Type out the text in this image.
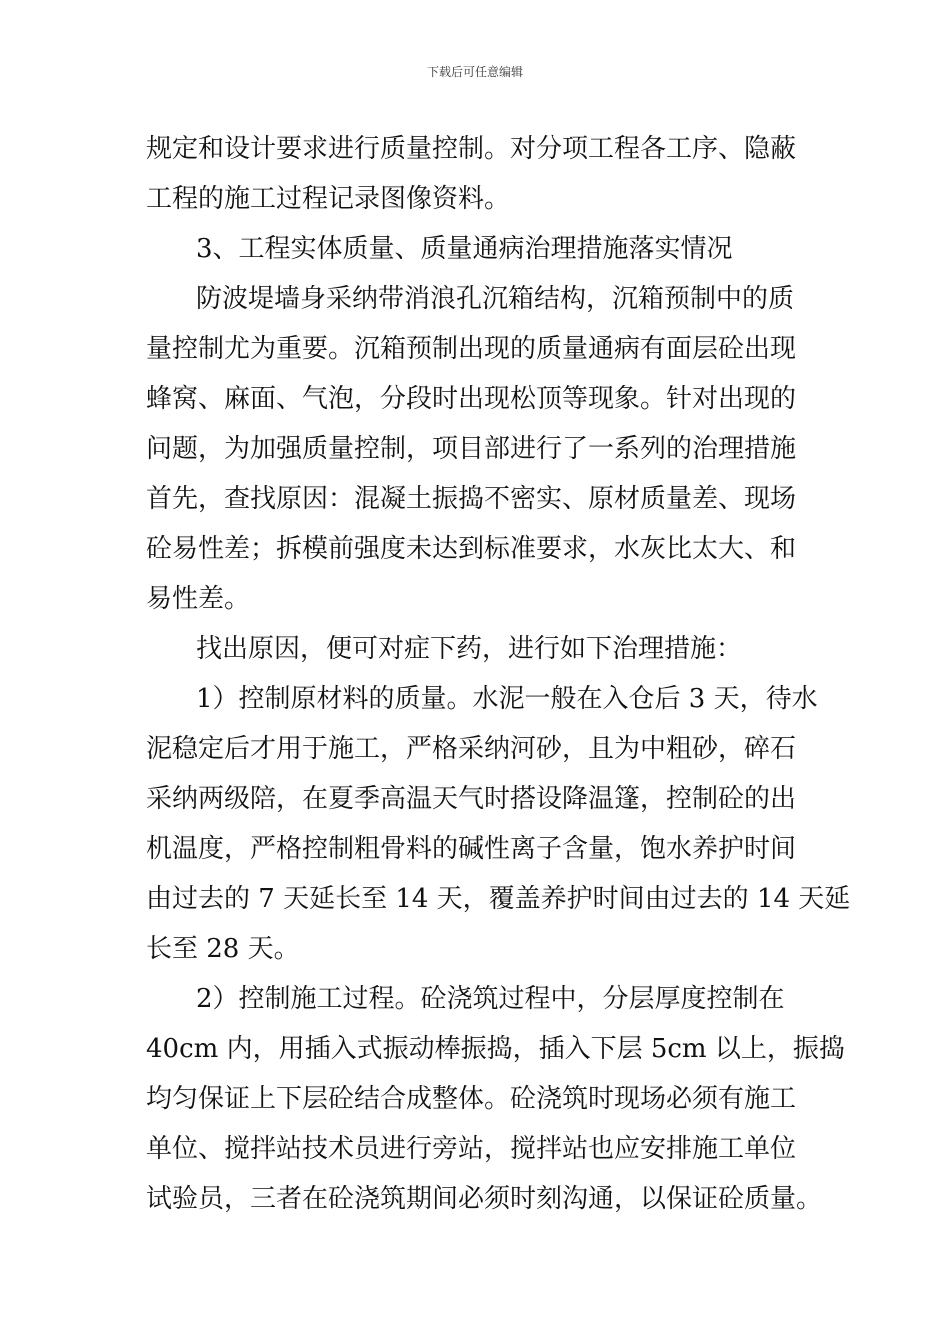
下载后可任意编辑
规定和设计要求进行质量控制。对分项工程各工序、隐蔽
工程的施工过程记录图像资料。
3、工程实体质量、质量通病治理措施落实情况
防波堤墙身采纳带消浪孔沉箱结构，沉箱预制中的质
量控制尤为重要。沉箱预制出现的质量通病有面层砼出现
蜂窝、麻面、气泡，分段时出现松顶等现象。针对出现的
问题，为加强质量控制，项目部进行了一系列的治理措施
首先，查找原因：混凝土振捣不密实、原材质量差、现场
砼易性差；拆模前强度未达到标准要求，水灰比太大、和
易性差。
找出原因，便可对症下药，进行如下治理措施：
1）控制原材料的质量。水泥一般在入仓后 3 天，待水
泥稳定后才用于施工，严格采纳河砂，且为中粗砂，碎石
采纳两级陪，在夏季高温天气时搭设降温篷，控制砼的出
机温度，严格控制粗骨料的碱性离子含量，饱水养护时间
由过去的 7 天延长至 14 天，覆盖养护时间由过去的 14 天延
长至 28 天。
2）控制施工过程。砼浇筑过程中，分层厚度控制在
40cm 内，用插入式振动棒振捣，插入下层 5cm 以上，振捣
均匀保证上下层砼结合成整体。砼浇筑时现场必须有施工
单位、搅拌站技术员进行旁站，搅拌站也应安排施工单位
试验员，三者在砼浇筑期间必须时刻沟通，以保证砼质量。
